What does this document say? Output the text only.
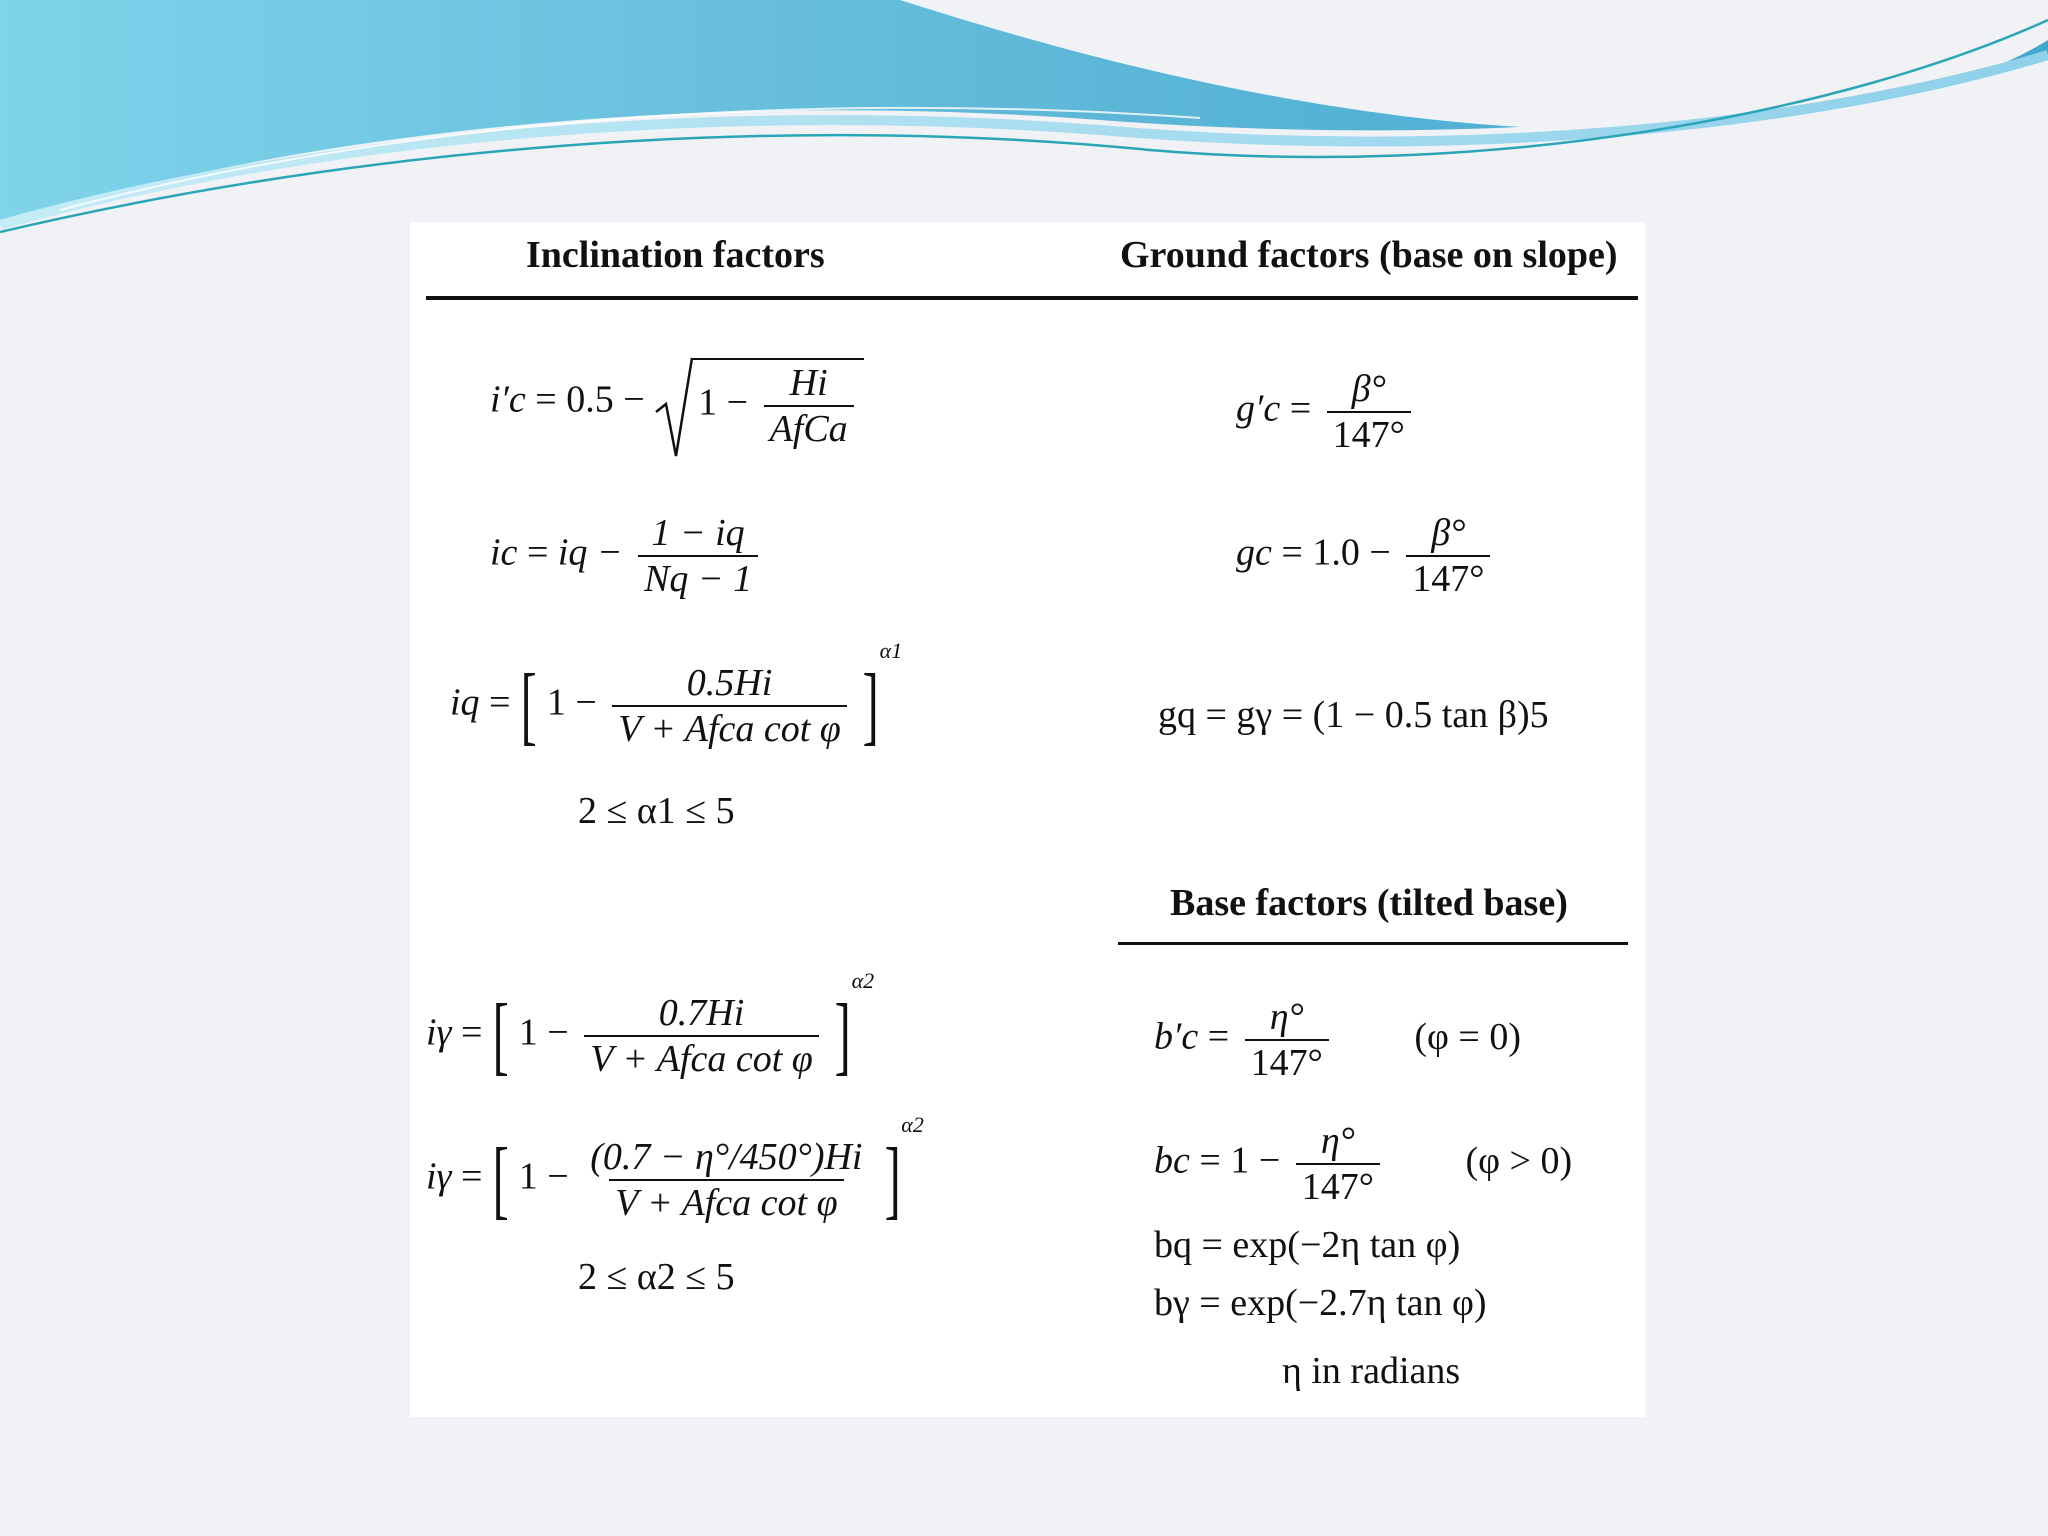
Inclination factors	Ground factors (base on slope)
$i'c = 0.5 - 1 - \frac{Hi}{\text{AfCa}}$
ic = iq − $\frac{1 - iq}{Nq - 1}$
iq = [ $1 - \frac{0.5Hi}{\text{V + Afca cot φ}} ]\alpha 1$
2 ≤ α1 ≤ 5
iγ = [ $1 - \frac{0.7Hi}{\text{V + Afca cot φ}} ]\alpha 2$
iγ = [ $1 - \frac{(0.7 - \eta^\circ/450^\circ)Hi}{\text{V + Afca cot φ}} ]\alpha 2$
2 ≤ α2 ≤ 5
$g'c = \frac{\beta^\circ}{147^\circ}$
gc = $1.0 - \frac{\beta^\circ}{147^\circ}$
gq = gγ = (1 − 0.5 tan β)5
Base factors (tilted base)
$b'c = \frac{\eta^\circ}{147^\circ} (\varphi = 0)$
bc = $1 - \frac{\eta^\circ}{147^\circ} (\varphi > 0)$
bq = exp(−2η tan φ)
bγ = exp(−2.7η tan φ)
η in radians
